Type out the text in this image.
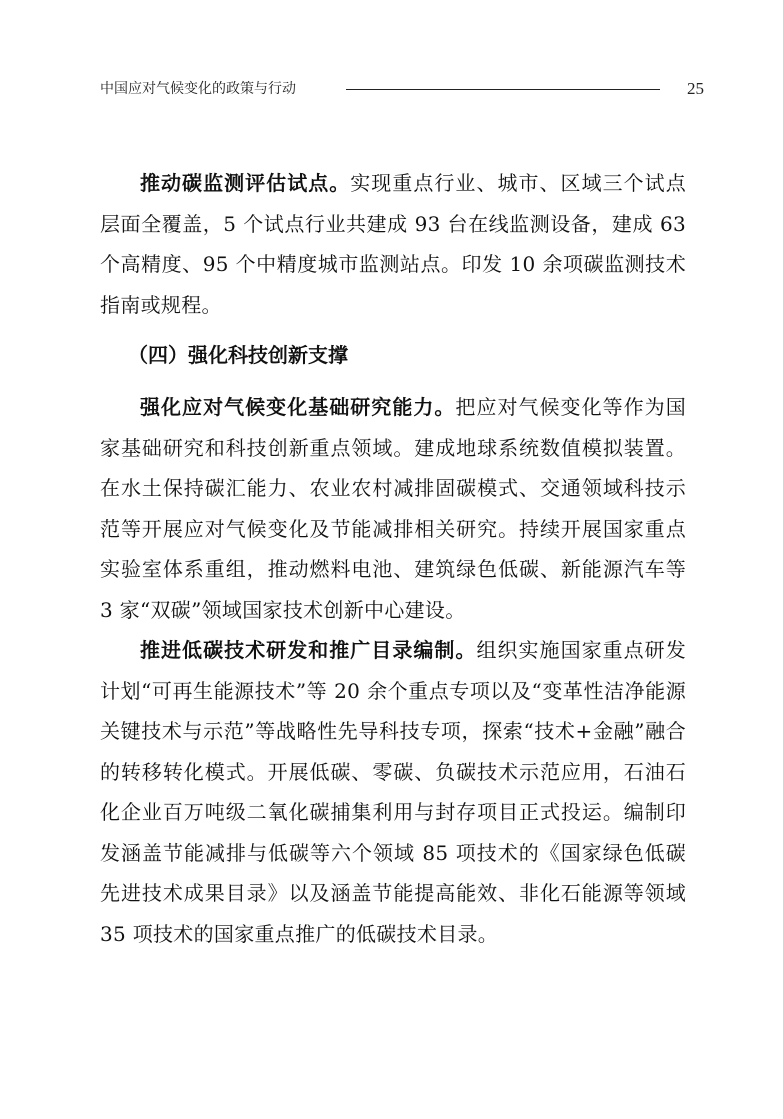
中国应对气候变化的政策与行动	25

推动碳监测评估试点。实现重点行业、城市、区域三个试点层面全覆盖，5 个试点行业共建成 93 台在线监测设备，建成 63 个高精度、95 个中精度城市监测站点。印发 10 余项碳监测技术指南或规程。

（四）强化科技创新支撑

强化应对气候变化基础研究能力。把应对气候变化等作为国家基础研究和科技创新重点领域。建成地球系统数值模拟装置。在水土保持碳汇能力、农业农村减排固碳模式、交通领域科技示范等开展应对气候变化及节能减排相关研究。持续开展国家重点实验室体系重组，推动燃料电池、建筑绿色低碳、新能源汽车等 3 家“双碳”领域国家技术创新中心建设。

推进低碳技术研发和推广目录编制。组织实施国家重点研发计划“可再生能源技术”等 20 余个重点专项以及“变革性洁净能源关键技术与示范”等战略性先导科技专项，探索“技术+金融”融合的转移转化模式。开展低碳、零碳、负碳技术示范应用，石油石化企业百万吨级二氧化碳捕集利用与封存项目正式投运。编制印发涵盖节能减排与低碳等六个领域 85 项技术的《国家绿色低碳先进技术成果目录》以及涵盖节能提高能效、非化石能源等领域 35 项技术的国家重点推广的低碳技术目录。
